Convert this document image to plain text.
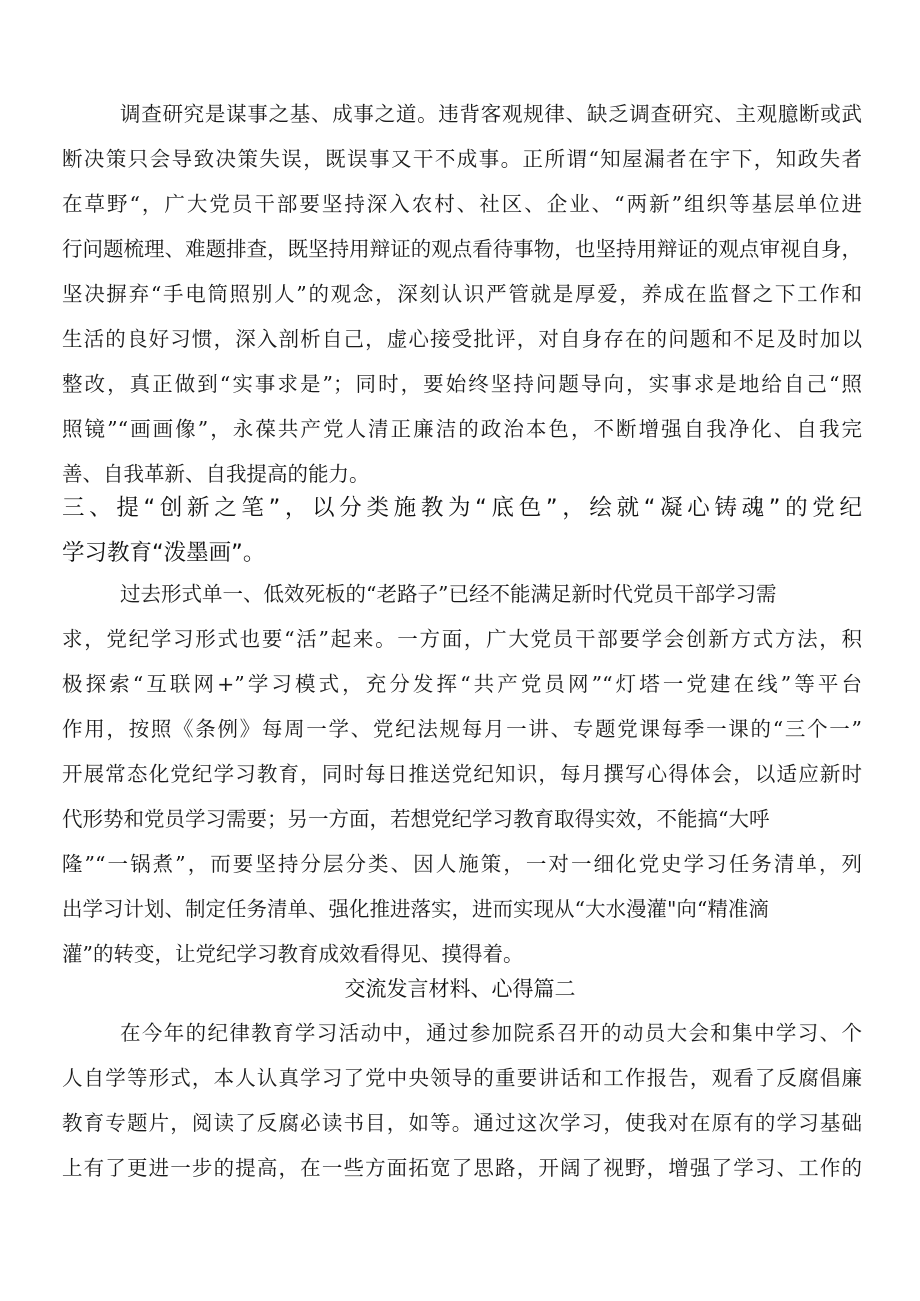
调查研究是谋事之基、成事之道。违背客观规律、缺乏调查研究、主观臆断或武
断决策只会导致决策失误，既误事又干不成事。正所谓“知屋漏者在宇下，知政失者
在草野“，广大党员干部要坚持深入农村、社区、企业、“两新”组织等基层单位进
行问题梳理、难题排查，既坚持用辩证的观点看待事物，也坚持用辩证的观点审视自身，
坚决摒弃“手电筒照别人”的观念，深刻认识严管就是厚爱，养成在监督之下工作和
生活的良好习惯，深入剖析自己，虚心接受批评，对自身存在的问题和不足及时加以
整改，真正做到“实事求是”；同时，要始终坚持问题导向，实事求是地给自己“照
照镜”“画画像”，永葆共产党人清正廉洁的政治本色，不断增强自我净化、自我完
善、自我革新、自我提高的能力。
三、提“创新之笔”，以分类施教为“底色”，绘就“凝心铸魂”的党纪
学习教育“泼墨画”。
过去形式单一、低效死板的“老路子”已经不能满足新时代党员干部学习需
求，党纪学习形式也要“活”起来。一方面，广大党员干部要学会创新方式方法，积
极探索“互联网+”学习模式，充分发挥“共产党员网”“灯塔一党建在线”等平台
作用，按照《条例》每周一学、党纪法规每月一讲、专题党课每季一课的“三个一”
开展常态化党纪学习教育，同时每日推送党纪知识，每月撰写心得体会，以适应新时
代形势和党员学习需要；另一方面，若想党纪学习教育取得实效，不能搞“大呼
隆”“一锅煮”，而要坚持分层分类、因人施策，一对一细化党史学习任务清单，列
出学习计划、制定任务清单、强化推进落实，进而实现从“大水漫灌"向“精准滴
灌”的转变，让党纪学习教育成效看得见、摸得着。
交流发言材料、心得篇二
在今年的纪律教育学习活动中，通过参加院系召开的动员大会和集中学习、个
人自学等形式，本人认真学习了党中央领导的重要讲话和工作报告，观看了反腐倡廉
教育专题片，阅读了反腐必读书目，如等。通过这次学习，使我对在原有的学习基础
上有了更进一步的提高，在一些方面拓宽了思路，开阔了视野，增强了学习、工作的
